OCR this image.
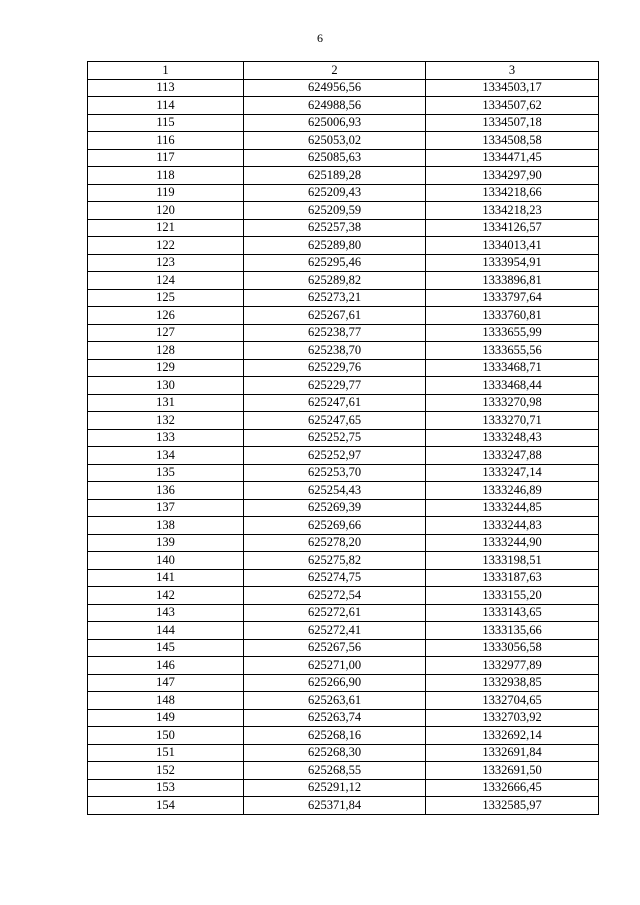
6
1	2	3
113	624956,56	1334503,17
114	624988,56	1334507,62
115	625006,93	1334507,18
116	625053,02	1334508,58
117	625085,63	1334471,45
118	625189,28	1334297,90
119	625209,43	1334218,66
120	625209,59	1334218,23
121	625257,38	1334126,57
122	625289,80	1334013,41
123	625295,46	1333954,91
124	625289,82	1333896,81
125	625273,21	1333797,64
126	625267,61	1333760,81
127	625238,77	1333655,99
128	625238,70	1333655,56
129	625229,76	1333468,71
130	625229,77	1333468,44
131	625247,61	1333270,98
132	625247,65	1333270,71
133	625252,75	1333248,43
134	625252,97	1333247,88
135	625253,70	1333247,14
136	625254,43	1333246,89
137	625269,39	1333244,85
138	625269,66	1333244,83
139	625278,20	1333244,90
140	625275,82	1333198,51
141	625274,75	1333187,63
142	625272,54	1333155,20
143	625272,61	1333143,65
144	625272,41	1333135,66
145	625267,56	1333056,58
146	625271,00	1332977,89
147	625266,90	1332938,85
148	625263,61	1332704,65
149	625263,74	1332703,92
150	625268,16	1332692,14
151	625268,30	1332691,84
152	625268,55	1332691,50
153	625291,12	1332666,45
154	625371,84	1332585,97
